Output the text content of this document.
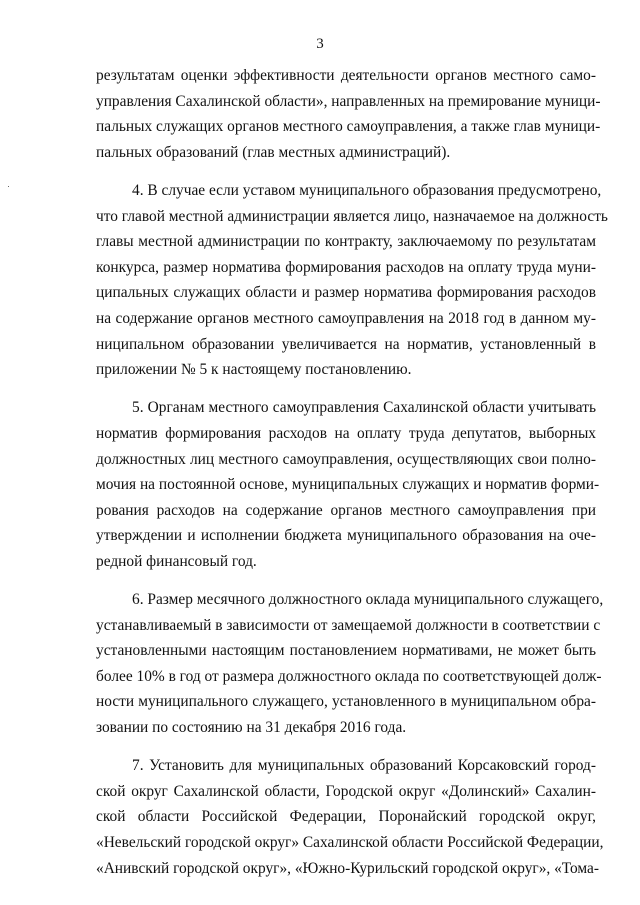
3
результатам оценки эффективности деятельности органов местного само-
управления Сахалинской области», направленных на премирование муници-
пальных служащих органов местного самоуправления, а также глав муници-
пальных образований (глав местных администраций).
4. В случае если уставом муниципального образования предусмотрено,
что главой местной администрации является лицо, назначаемое на должность
главы местной администрации по контракту, заключаемому по результатам
конкурса, размер норматива формирования расходов на оплату труда муни-
ципальных служащих области и размер норматива формирования расходов
на содержание органов местного самоуправления на 2018 год в данном му-
ниципальном образовании увеличивается на норматив, установленный в
приложении № 5 к настоящему постановлению.
5. Органам местного самоуправления Сахалинской области учитывать
норматив формирования расходов на оплату труда депутатов, выборных
должностных лиц местного самоуправления, осуществляющих свои полно-
мочия на постоянной основе, муниципальных служащих и норматив форми-
рования расходов на содержание органов местного самоуправления при
утверждении и исполнении бюджета муниципального образования на оче-
редной финансовый год.
6. Размер месячного должностного оклада муниципального служащего,
устанавливаемый в зависимости от замещаемой должности в соответствии с
установленными настоящим постановлением нормативами, не может быть
более 10% в год от размера должностного оклада по соответствующей долж-
ности муниципального служащего, установленного в муниципальном обра-
зовании по состоянию на 31 декабря 2016 года.
7. Установить для муниципальных образований Корсаковский город-
ской округ Сахалинской области, Городской округ «Долинский» Сахалин-
ской области Российской Федерации, Поронайский городской округ,
«Невельский городской округ» Сахалинской области Российской Федерации,
«Анивский городской округ», «Южно-Курильский городской округ», «Тома-
